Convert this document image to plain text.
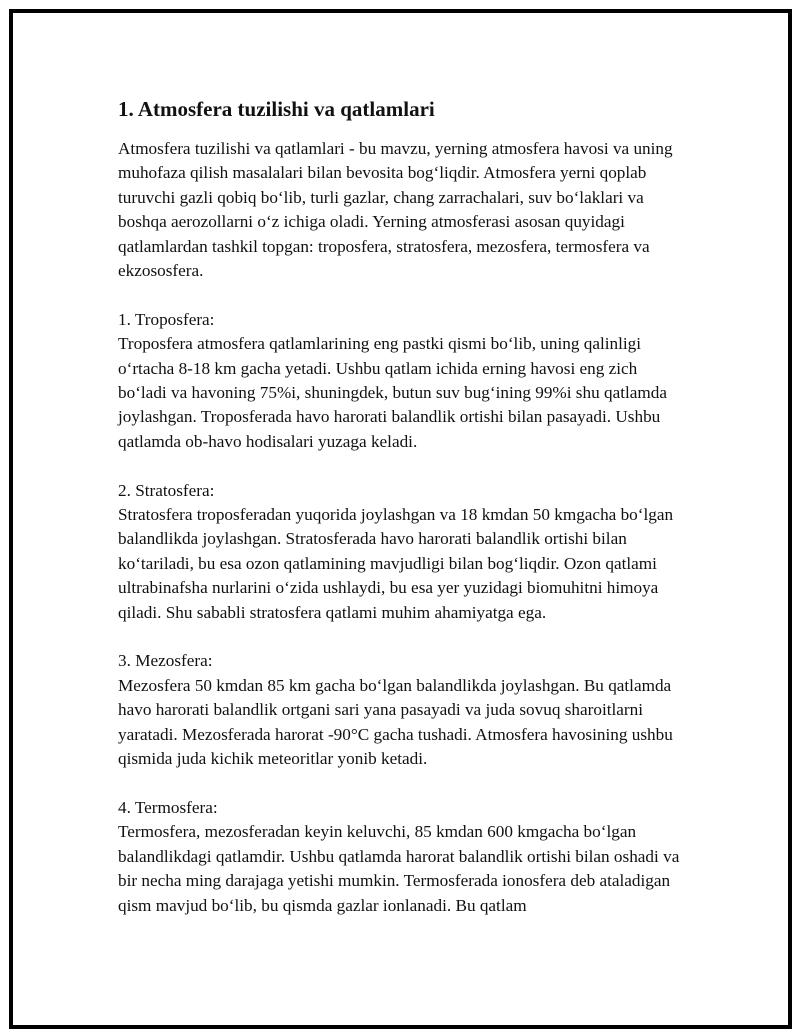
1. Atmosfera tuzilishi va qatlamlari

Atmosfera tuzilishi va qatlamlari - bu mavzu, yerning atmosfera havosi va uning muhofaza qilish masalalari bilan bevosita bog‘liqdir. Atmosfera yerni qoplab turuvchi gazli qobiq bo‘lib, turli gazlar, chang zarrachalari, suv bo‘laklari va boshqa aerozollarni o‘z ichiga oladi. Yerning atmosferasi asosan quyidagi qatlamlardan tashkil topgan: troposfera, stratosfera, mezosfera, termosfera va ekzososfera.

1. Troposfera:

Troposfera atmosfera qatlamlarining eng pastki qismi bo‘lib, uning qalinligi o‘rtacha 8-18 km gacha yetadi. Ushbu qatlam ichida erning havosi eng zich bo‘ladi va havoning 75%i, shuningdek, butun suv bug‘ining 99%i shu qatlamda joylashgan. Troposferada havo harorati balandlik ortishi bilan pasayadi. Ushbu qatlamda ob-havo hodisalari yuzaga keladi.

2. Stratosfera:

Stratosfera troposferadan yuqorida joylashgan va 18 kmdan 50 kmgacha bo‘lgan balandlikda joylashgan. Stratosferada havo harorati balandlik ortishi bilan ko‘tariladi, bu esa ozon qatlamining mavjudligi bilan bog‘liqdir. Ozon qatlami ultrabinafsha nurlarini o‘zida ushlaydi, bu esa yer yuzidagi biomuhitni himoya qiladi. Shu sababli stratosfera qatlami muhim ahamiyatga ega.

3. Mezosfera:

Mezosfera 50 kmdan 85 km gacha bo‘lgan balandlikda joylashgan. Bu qatlamda havo harorati balandlik ortgani sari yana pasayadi va juda sovuq sharoitlarni yaratadi. Mezosferada harorat -90°C gacha tushadi. Atmosfera havosining ushbu qismida juda kichik meteoritlar yonib ketadi.

4. Termosfera:

Termosfera, mezosferadan keyin keluvchi, 85 kmdan 600 kmgacha bo‘lgan balandlikdagi qatlamdir. Ushbu qatlamda harorat balandlik ortishi bilan oshadi va bir necha ming darajaga yetishi mumkin. Termosferada ionosfera deb ataladigan qism mavjud bo‘lib, bu qismda gazlar ionlanadi. Bu qatlam
